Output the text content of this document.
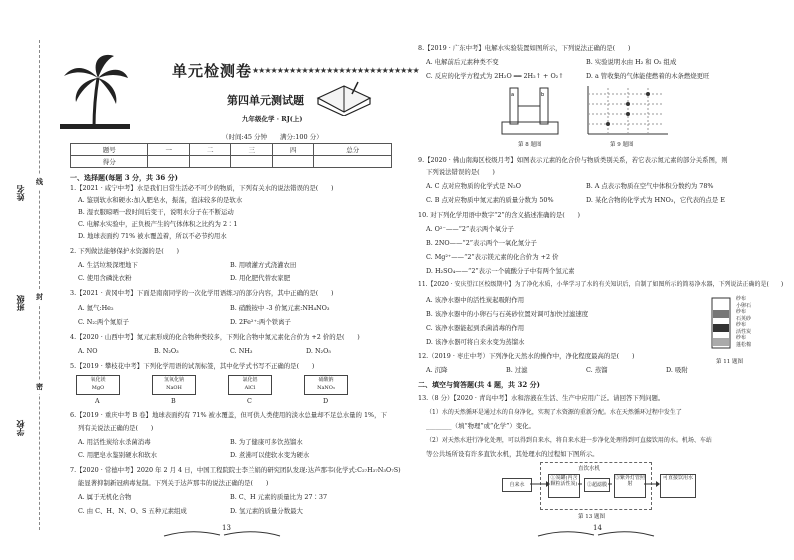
姓名
班级
学校
线
封
密
单元检测卷 ★★★★★★★★★★★★★★★★★★★★★★★★★★★
第四单元测试题
九年级化学 · RJ(上)
（时间:45 分钟　　满分:100 分）
题号	一	二	三	四	总分
得分					
一、选择题(每题 3 分，共 36 分)
1.【2021 · 咸宁中考】水是我们日常生活必不可少的物质，下列有关水的说法错误的是(　　)
A. 鉴别软水和硬水:加入肥皂水，振荡，泡沫较多的是软水
B. 湿衣服晾晒一段时间后变干，说明水分子在不断运动
C. 电解水实验中，正负极产生的气体体积之比约为 2∶1
D. 地球表面约 71% 被水覆盖着，所以不必节约用水
2. 下列做法能够保护水资源的是(　　)
A. 生活垃圾深埋地下	B. 用喷灌方式浇灌农田
C. 使用含磷洗衣粉	D. 用化肥代替农家肥
3.【2021 · 黄冈中考】下面是南南同学的一次化学用语练习的部分内容，其中正确的是(　　)
A. 氦气:He₂	B. 硝酸铵中 -3 价氮元素:NH₄NO₃
C. N₂:两个氮原子	D. 2Fe²⁺:两个铁离子
4.【2020 · 山西中考】氮元素形成的化合物种类较多，下列化合物中氮元素化合价为 +2 价的是(　　)
A. NO	B. N₂O₃	C. NH₃	D. N₂O₅
5.【2019 · 攀枝花中考】下列化学用语的试剂标签，其中化学式书写不正确的是(　　)
氧化镁
MgO
氢氧化钠
NaOH
氯化铝
AlCl
硝酸钠
NaNO₃
A	B	C	D
6.【2019 · 重庆中考 B 卷】地球表面约有 71% 被水覆盖，但可供人类使用的淡水总量却不足总水量的 1%，下
列有关说法正确的是(　　)
A. 用活性炭给水杀菌消毒	B. 为了健康可多饮蒸馏水
C. 用肥皂水鉴别硬水和软水	D. 煮沸可以使软水变为硬水
7.【2020 · 常德中考】2020 年 2 月 4 日，中国工程院院士李兰娟的研究团队发现:达芦那韦(化学式:C₂₇H₃₇N₃O₇S)
能显著抑制新冠病毒复制。下列关于达芦那韦的说法正确的是(　　)
A. 属于无机化合物	B. C、H 元素的质量比为 27∶37
C. 由 C、H、N、O、S 五种元素组成	D. 氢元素的质量分数最大
13
8.【2019 · 广东中考】电解水实验装置如图所示，下列说法正确的是(　　)
A. 电解前后元素种类不变	B. 实验说明水由 H₂ 和 O₂ 组成
C. 反应的化学方程式为 2H₂O ══ 2H₂↑ + O₂↑	D. a 管收集的气体能使燃着的木条燃烧更旺
a	b
第 8 题图	第 9 题图
9.【2020 · 佛山南海区校级月考】如图表示元素的化合价与物质类别关系，若它表示氮元素的部分关系图，则
下列说法错误的是(　　)
A. C 点对应物质的化学式是 N₂O	B. A 点表示物质在空气中体积分数约为 78%
C. B 点对应物质中氮元素的质量分数为 50%	D. 某化合物的化学式为 HNO₃，它代表的点是 E
10. 对下列化学用语中数字“2”的含义描述准确的是(　　)
A. O²⁻——“2”表示两个氧分子
B. 2NO——“2”表示两个一氧化氮分子
C. Mg²⁺——“2”表示镁元素的化合价为 +2 价
D. H₂SO₄——“2”表示一个硫酸分子中有两个氢元素
11.【2020 · 安庆望江区校级期中】为了净化水质，小华学习了水的有关知识后，自制了如图所示的简易净水器，下列说法正确的是(　　)
A. 该净水器中的活性炭起吸附作用
B. 该净水器中的小卵石与石英砂位置对调可加快过滤速度
C. 该净水器能起到杀菌消毒的作用
D. 该净水器可将自来水变为蒸馏水
纱布
小卵石
纱布
石英砂
纱布
活性炭
纱布
蓬松棉
第 11 题图
12.（2019 · 枣庄中考）下列净化天然水的操作中，净化程度最高的是(　　)
A. 沉降	B. 过滤	C. 蒸馏	D. 吸附
二、填空与简答题(共 4 题，共 32 分)
13.（8 分）【2020 · 青岛中考】水和溶液在生活、生产中应用广泛。请回答下列问题。
（1）水的天然循环是通过水的自身净化，实现了水资源的重新分配。水在天然循环过程中发生了
________（填“物理”或“化学”）变化。
（2）对天然水进行净化处理，可以得到自来水，将自来水进一步净化处理得到可直接饮用的水。机场、车站
等公共场所设有许多直饮水机，其处理水的过程如下图所示。
直饮水机
自来水
①炭罐(内含颗粒活性炭)	②超滤膜
③紫外灯管照射
可直接饮用水
第 13 题图
14
